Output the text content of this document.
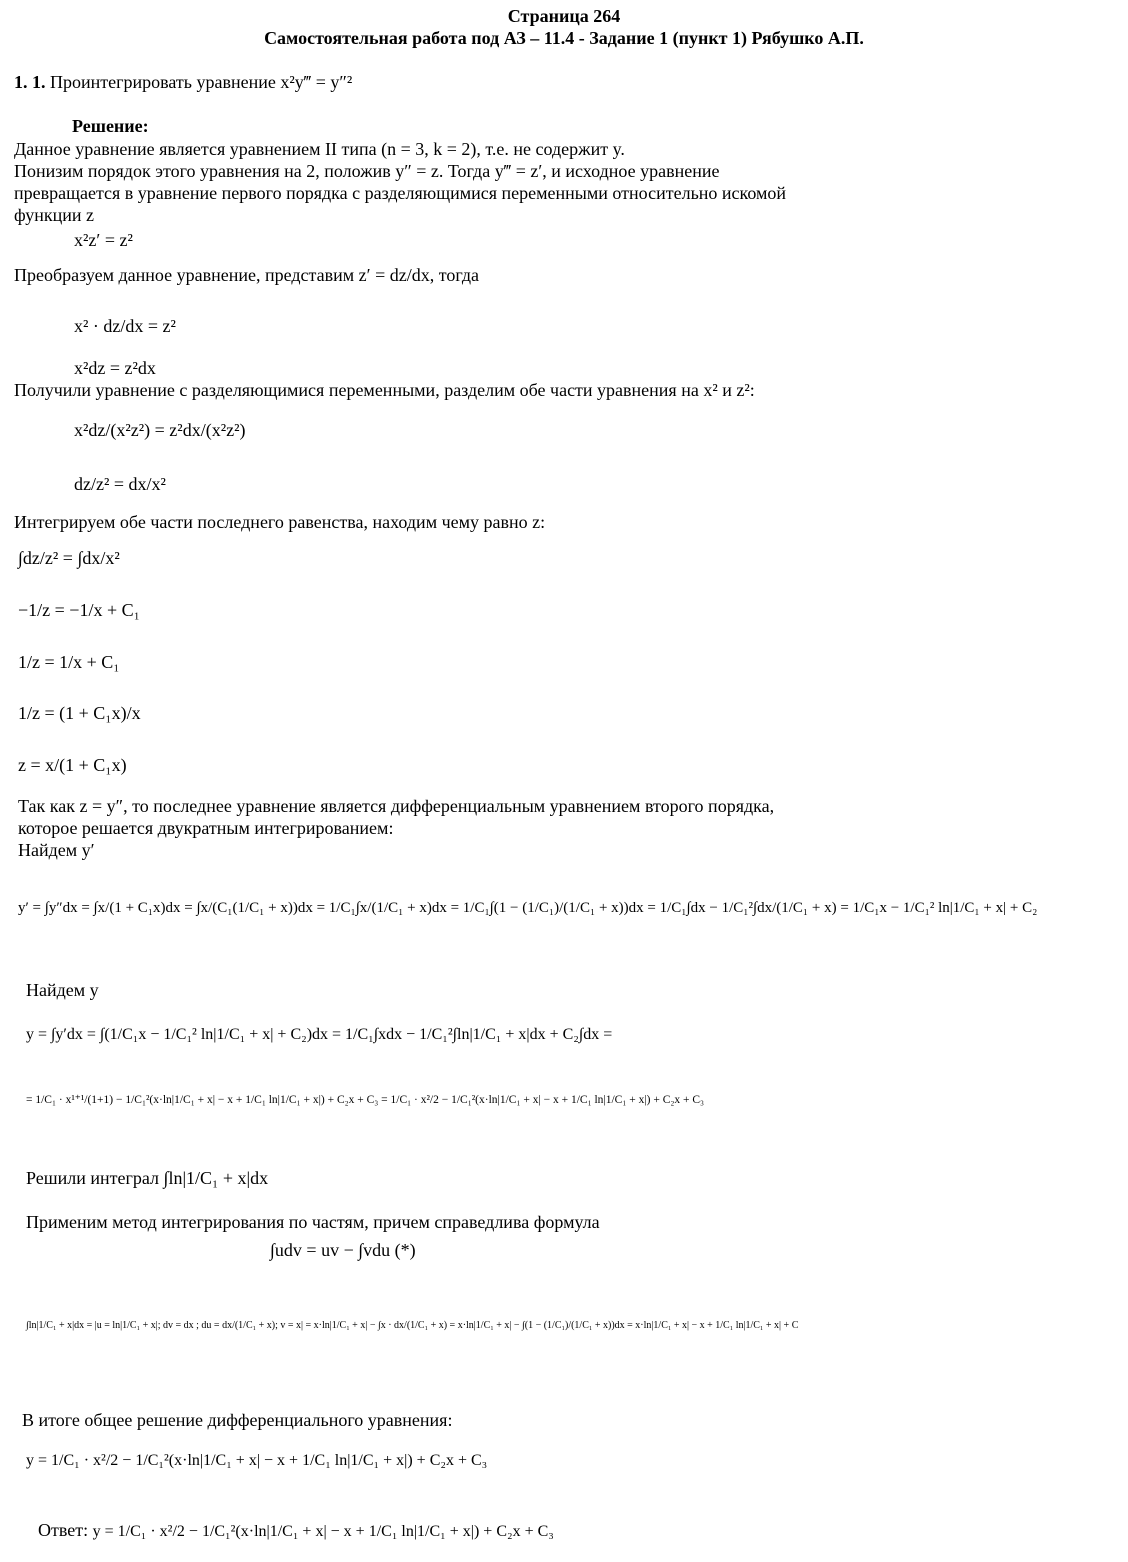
Страница 264
Самостоятельная работа под АЗ – 11.4 - Задание 1 (пункт 1) Рябушко А.П.
1. 1. Проинтегрировать уравнение x²y‴ = y″²
Решение:
Данное уравнение является уравнением II типа (n = 3, k = 2), т.е. не содержит y.
Понизим порядок этого уравнения на 2, положив y″ = z. Тогда y‴ = z′, и исходное уравнение
превращается в уравнение первого порядка с разделяющимися переменными относительно искомой
функции z
x²z′ = z²
Преобразуем данное уравнение, представим z′ = dz/dx, тогда
x² · dz/dx = z²
x²dz = z²dx
Получили уравнение с разделяющимися переменными, разделим обе части уравнения на x² и z²:
x²dz/(x²z²) = z²dx/(x²z²)
dz/z² = dx/x²
Интегрируем обе части последнего равенства, находим чему равно z:
∫dz/z² = ∫dx/x²
−1/z = −1/x + C₁
1/z = 1/x + C₁
1/z = (1 + C₁x)/x
z = x/(1 + C₁x)
Так как z = y″, то последнее уравнение является дифференциальным уравнением второго порядка,
которое решается двукратным интегрированием:
Найдем y′
y′ = ∫y″dx = ∫x/(1 + C₁x)dx = ∫x/(C₁(1/C₁ + x))dx = 1/C₁∫x/(1/C₁ + x)dx = 1/C₁∫(1 − (1/C₁)/(1/C₁ + x))dx = 1/C₁∫dx − 1/C₁²∫dx/(1/C₁ + x) = 1/C₁x − 1/C₁² ln|1/C₁ + x| + C₂
Найдем y
y = ∫y′dx = ∫(1/C₁x − 1/C₁² ln|1/C₁ + x| + C₂)dx = 1/C₁∫xdx − 1/C₁²∫ln|1/C₁ + x|dx + C₂∫dx =
= 1/C₁ · x¹⁺¹/(1+1) − 1/C₁²(x·ln|1/C₁ + x| − x + 1/C₁ ln|1/C₁ + x|) + C₂x + C₃ = 1/C₁ · x²/2 − 1/C₁²(x·ln|1/C₁ + x| − x + 1/C₁ ln|1/C₁ + x|) + C₂x + C₃
Решили интеграл ∫ln|1/C₁ + x|dx
Применим метод интегрирования по частям, причем справедлива формула
∫udv = uv − ∫vdu (*)
∫ln|1/C₁ + x|dx = |u = ln|1/C₁ + x|; dv = dx ; du = dx/(1/C₁ + x); v = x| = x·ln|1/C₁ + x| − ∫x · dx/(1/C₁ + x) = x·ln|1/C₁ + x| − ∫(1 − (1/C₁)/(1/C₁ + x))dx = x·ln|1/C₁ + x| − x + 1/C₁ ln|1/C₁ + x| + C
В итоге общее решение дифференциального уравнения:
y = 1/C₁ · x²/2 − 1/C₁²(x·ln|1/C₁ + x| − x + 1/C₁ ln|1/C₁ + x|) + C₂x + C₃
Ответ: y = 1/C₁ · x²/2 − 1/C₁²(x·ln|1/C₁ + x| − x + 1/C₁ ln|1/C₁ + x|) + C₂x + C₃
